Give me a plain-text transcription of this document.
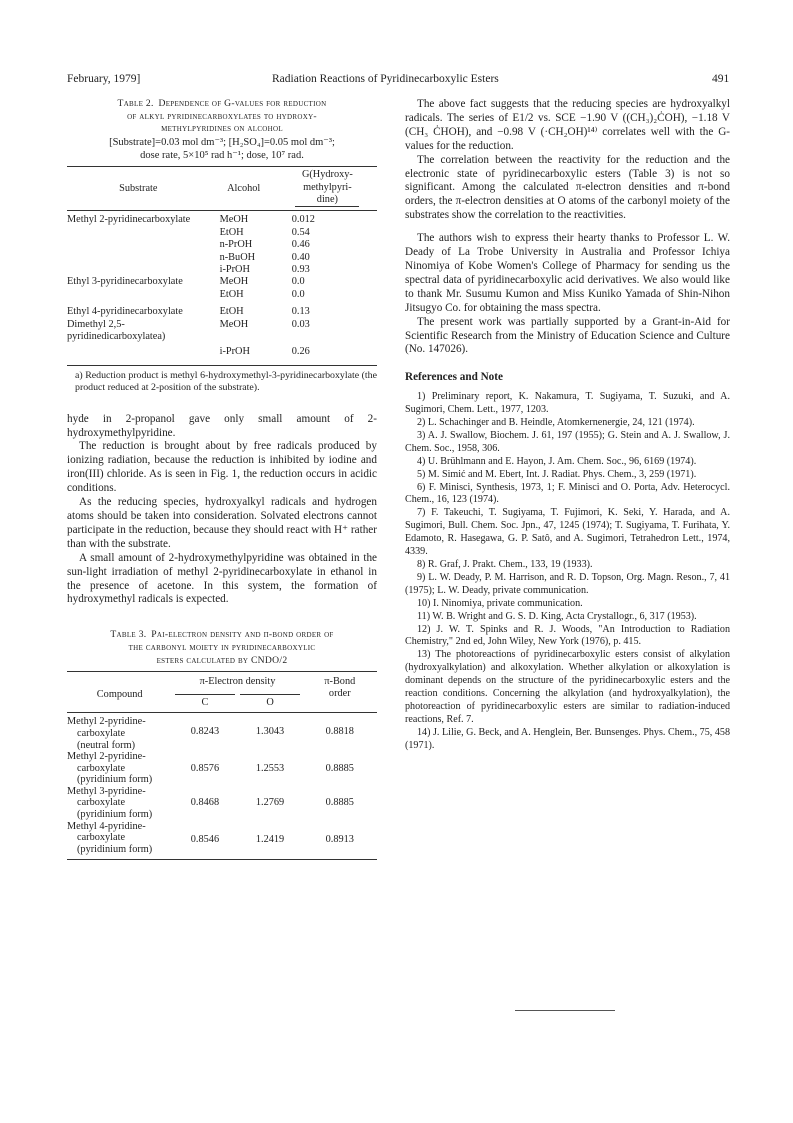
February, 1979]	Radiation Reactions of Pyridinecarboxylic Esters	491
Table 2. Dependence of G-values for reduction
of alkyl pyridinecarboxylates to hydroxy-
methylpyridines on alcohol
[Substrate]=0.03 mol dm⁻³; [H₂SO₄]=0.05 mol dm⁻³;
dose rate, 5×10⁵ rad h⁻¹; dose, 10⁷ rad.
Substrate	Alcohol	G(Hydroxy-methylpyri-dine)

Methyl 2-pyridinecarboxylate	MeOH	0.012
	EtOH	0.54
	n-PrOH	0.46
	n-BuOH	0.40
	i-PrOH	0.93
Ethyl 3-pyridinecarboxylate	MeOH	0.0
	EtOH	0.0
Ethyl 4-pyridinecarboxylate	EtOH	0.13
Dimethyl 2,5-pyridinedicarboxylatea)	MeOH	0.03
	i-PrOH	0.26

a) Reduction product is methyl 6-hydroxymethyl-3-pyridinecarboxylate (the product reduced at 2-position of the substrate).

hyde in 2-propanol gave only small amount of 2-hydroxymethylpyridine.

The reduction is brought about by free radicals produced by ionizing radiation, because the reduction is inhibited by iodine and iron(III) chloride. As is seen in Fig. 1, the reduction occurs in acidic conditions.

As the reducing species, hydroxyalkyl radicals and hydrogen atoms should be taken into consideration. Solvated electrons cannot participate in the reduction, because they should react with H⁺ rather than with the substrate.

A small amount of 2-hydroxymethylpyridine was obtained in the sun-light irradiation of methyl 2-pyridinecarboxylate in ethanol in the presence of acetone. In this system, the formation of hydroxymethyl radicals is expected.

Table 3. Pai-electron density and π-bond order of
the carbonyl moiety in pyridinecarboxylic
esters calculated by CNDO/2
Compound	π-Electron density		π-Bond order

	C	O	

Methyl 2-pyridine-
carboxylate
(neutral form)	0.8243	1.3043	0.8818

Methyl 2-pyridine-
carboxylate
(pyridinium form)	0.8576	1.2553	0.8885

Methyl 3-pyridine-
carboxylate
(pyridinium form)	0.8468	1.2769	0.8885

Methyl 4-pyridine-
carboxylate
(pyridinium form)	0.8546	1.2419	0.8913

The above fact suggests that the reducing species are hydroxyalkyl radicals. The series of E1/2 vs. SCE −1.90 V ((CH₃)₂ĊOH), −1.18 V (CH₃ ĊHOH), and −0.98 V (·CH₂OH)¹⁴⁾ correlates well with the G-values for the reduction.

The correlation between the reactivity for the reduction and the electronic state of pyridinecarboxylic esters (Table 3) is not so significant. Among the calculated π-electron densities and π-bond orders, the π-electron densities at O atoms of the carbonyl moiety of the substrates show the correlation to the reactivities.

The authors wish to express their hearty thanks to Professor L. W. Deady of La Trobe University in Australia and Professor Ichiya Ninomiya of Kobe Women's College of Pharmacy for sending us the spectral data of pyridinecarboxylic acid derivatives. We also would like to thank Mr. Susumu Kumon and Miss Kuniko Yamada of Shin-Nihon Jitsugyo Co. for obtaining the mass spectra.

The present work was partially supported by a Grant-in-Aid for Scientific Research from the Ministry of Education Science and Culture (No. 147026).

References and Note

1) Preliminary report, K. Nakamura, T. Sugiyama, T. Suzuki, and A. Sugimori, Chem. Lett., 1977, 1203.

2) L. Schachinger and B. Heindle, Atomkernenergie, 24, 121 (1974).

3) A. J. Swallow, Biochem. J. 61, 197 (1955); G. Stein and A. J. Swallow, J. Chem. Soc., 1958, 306.

4) U. Brühlmann and E. Hayon, J. Am. Chem. Soc., 96, 6169 (1974).

5) M. Simić and M. Ebert, Int. J. Radiat. Phys. Chem., 3, 259 (1971).

6) F. Minisci, Synthesis, 1973, 1; F. Minisci and O. Porta, Adv. Heterocycl. Chem., 16, 123 (1974).

7) F. Takeuchi, T. Sugiyama, T. Fujimori, K. Seki, Y. Harada, and A. Sugimori, Bull. Chem. Soc. Jpn., 47, 1245 (1974); T. Sugiyama, T. Furihata, Y. Edamoto, R. Hasegawa, G. P. Satô, and A. Sugimori, Tetrahedron Lett., 1974, 4339.

8) R. Graf, J. Prakt. Chem., 133, 19 (1933).

9) L. W. Deady, P. M. Harrison, and R. D. Topson, Org. Magn. Reson., 7, 41 (1975); L. W. Deady, private communication.

10) I. Ninomiya, private communication.

11) W. B. Wright and G. S. D. King, Acta Crystallogr., 6, 317 (1953).

12) J. W. T. Spinks and R. J. Woods, "An Introduction to Radiation Chemistry," 2nd ed, John Wiley, New York (1976), p. 415.

13) The photoreactions of pyridinecarboxylic esters consist of alkylation (hydroxyalkylation) and alkoxylation. Whether alkylation or alkoxylation is dominant depends on the structure of the pyridinecarboxylic esters and the reaction conditions. Concerning the alkylation (and hydroxyalkylation), the photoreaction of pyridinecarboxylic esters are similar to radiation-induced reactions, Ref. 7.

14) J. Lilie, G. Beck, and A. Henglein, Ber. Bunsenges. Phys. Chem., 75, 458 (1971).
